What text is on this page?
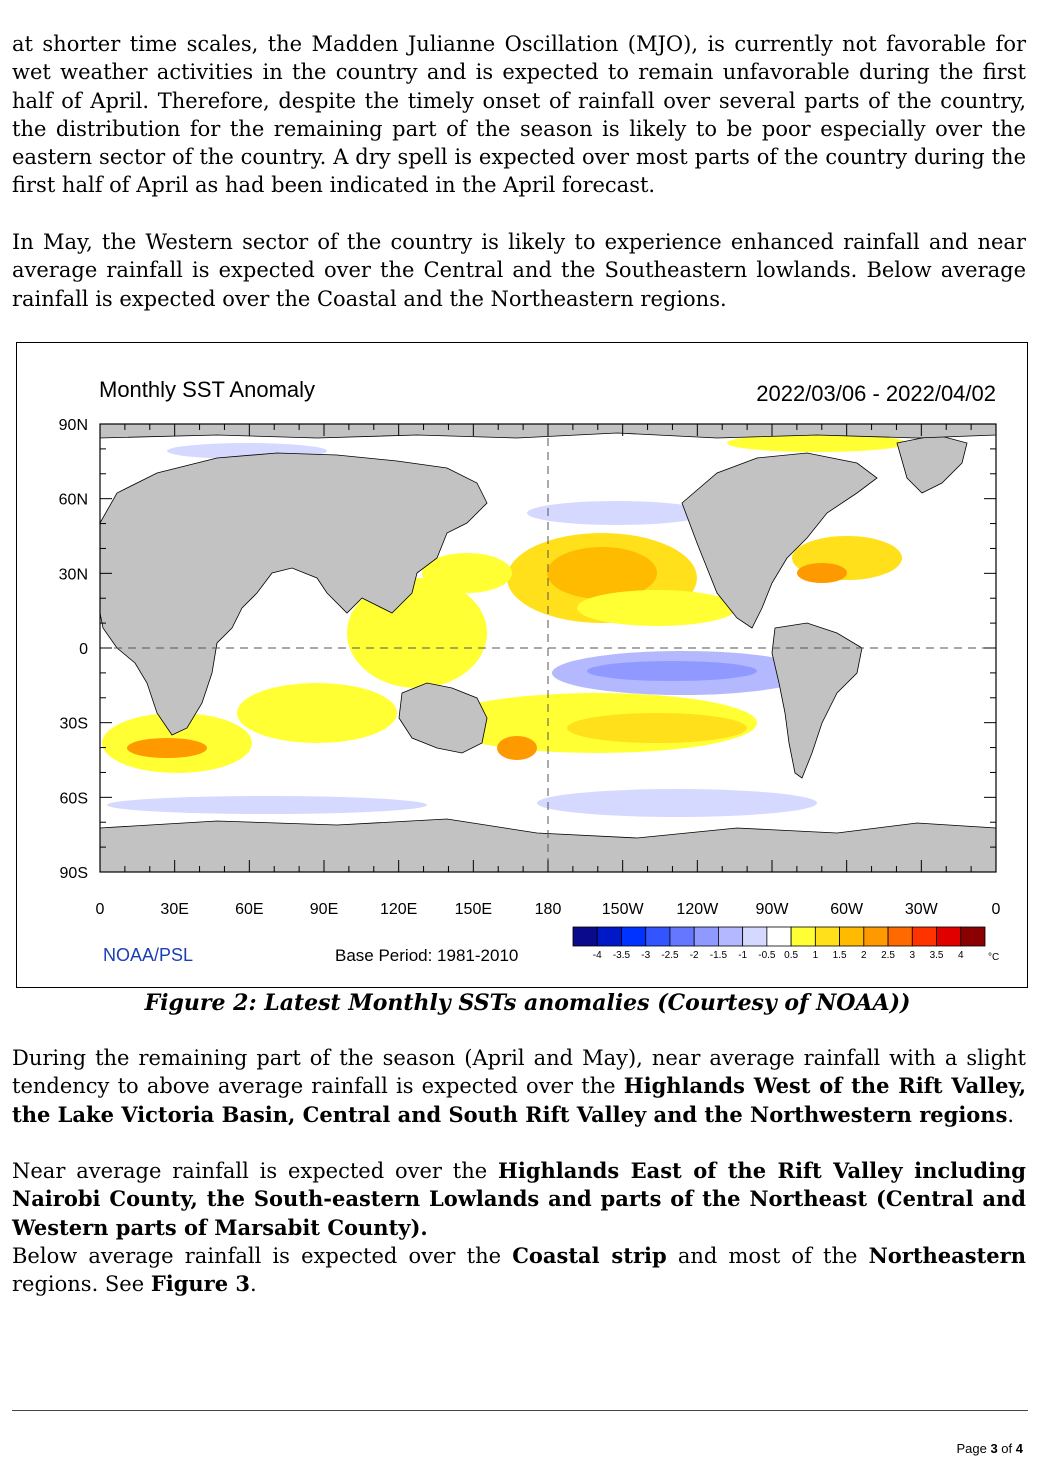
at shorter time scales, the Madden Julianne Oscillation (MJO), is currently not favorable for wet weather activities in the country and is expected to remain unfavorable during the first half of April. Therefore, despite the timely onset of rainfall over several parts of the country, the distribution for the remaining part of the season is likely to be poor especially over the eastern sector of the country. A dry spell is expected over most parts of the country during the first half of April as had been indicated in the April forecast.

In May, the Western sector of the country is likely to experience enhanced rainfall and near average rainfall is expected over the Central and the Southeastern lowlands. Below average rainfall is expected over the Coastal and the Northeastern regions.

Monthly SST Anomaly	2022/03/06 - 2022/04/02
90N
60N
30N
0
30S
60S
90S
0	30E	60E	90E	120E 150E	180	150W 120W 90W	60W	30W	0
NOAA/PSL	Base Period: 1981-2010	-4 -3.5 -3 -2.5 -2 -1.5 -1 -0.5 0.5 1 1.5 2 2.5 3 3.5 4 °C
Figure 2: Latest Monthly SSTs anomalies (Courtesy of NOAA))

During the remaining part of the season (April and May), near average rainfall with a slight tendency to above average rainfall is expected over the Highlands West of the Rift Valley, the Lake Victoria Basin, Central and South Rift Valley and the Northwestern regions.

Near average rainfall is expected over the Highlands East of the Rift Valley including Nairobi County, the South-eastern Lowlands and parts of the Northeast (Central and Western parts of Marsabit County).

Below average rainfall is expected over the Coastal strip and most of the Northeastern regions. See Figure 3.

Page 3 of 4
